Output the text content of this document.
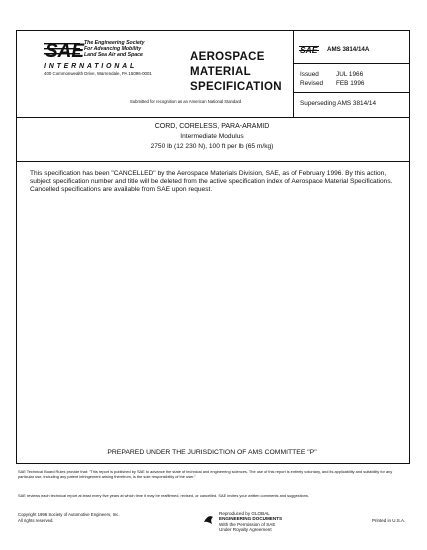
SAE The Engineering Society
For Advancing Mobility
Land Sea Air and Space
INTERNATIONAL
400 Commonwealth Drive, Warrendale, PA 15096-0001
AEROSPACE
MATERIAL
SPECIFICATION
Submitted for recognition as an American National Standard
SAE AMS 3814/14A
Issued	JUL 1966
Revised FEB 1996
Superseding AMS 3814/14
CORD, CORELESS, PARA-ARAMID
Intermediate Modulus
2750 lb (12 230 N), 100 ft per lb (65 m/kg)
This specification has been "CANCELLED" by the Aerospace Materials Division, SAE, as of February 1996. By this action, subject specification number and title will be deleted from the active specification index of Aerospace Material Specifications. Cancelled specifications are available from SAE upon request.
PREPARED UNDER THE JURISDICTION OF AMS COMMITTEE "P"
SAE Technical Board Rules provide that: "This report is published by SAE to advance the state of technical and engineering sciences. The use of this report is entirely voluntary, and its applicability and suitability for any particular use, including any patent infringement arising therefrom, is the sole responsibility of the user."
SAE reviews each technical report at least every five years at which time it may be reaffirmed, revised, or cancelled. SAE invites your written comments and suggestions.
Copyright 1996 Society of Automotive Engineers, Inc.
All rights reserved.
Reproduced by GLOBAL
ENGINEERING DOCUMENTS
With the Permission of SAE
Under Royalty Agreement
Printed in U.S.A.
